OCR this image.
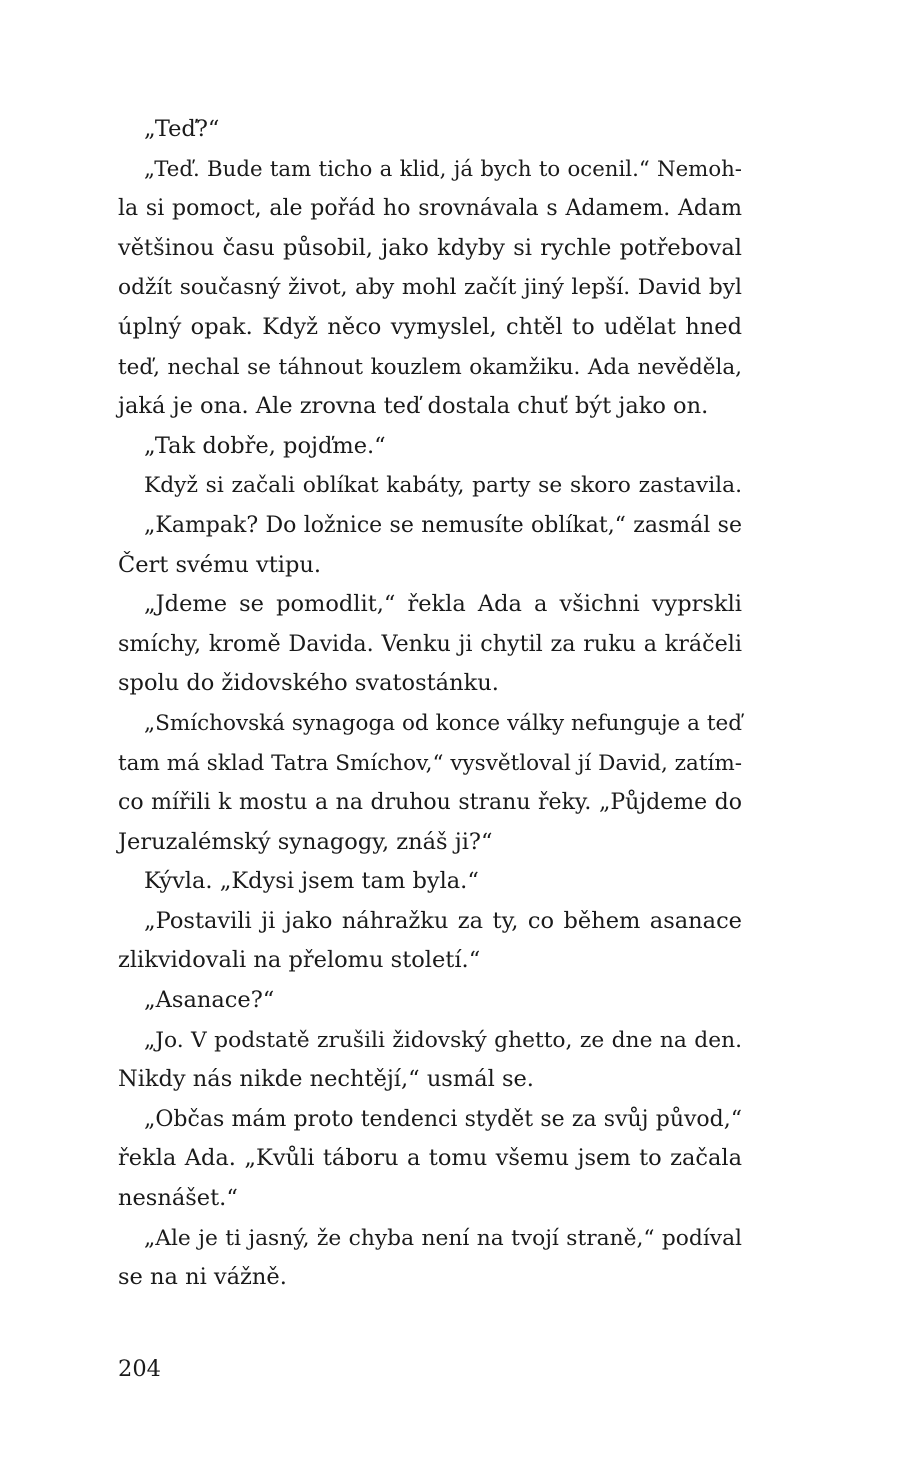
„Teď?“
„Teď. Bude tam ticho a klid, já bych to ocenil.“ Nemoh-
la si pomoct, ale pořád ho srovnávala s Adamem. Adam
většinou času působil, jako kdyby si rychle potřeboval
odžít současný život, aby mohl začít jiný lepší. David byl
úplný opak. Když něco vymyslel, chtěl to udělat hned
teď, nechal se táhnout kouzlem okamžiku. Ada nevěděla,
jaká je ona. Ale zrovna teď dostala chuť být jako on.
„Tak dobře, pojďme.“
Když si začali oblíkat kabáty, party se skoro zastavila.
„Kampak? Do ložnice se nemusíte oblíkat,“ zasmál se
Čert svému vtipu.
„Jdeme se pomodlit,“ řekla Ada a všichni vyprskli
smíchy, kromě Davida. Venku ji chytil za ruku a kráčeli
spolu do židovského svatostánku.
„Smíchovská synagoga od konce války nefunguje a teď
tam má sklad Tatra Smíchov,“ vysvětloval jí David, zatím-
co mířili k mostu a na druhou stranu řeky. „Půjdeme do
Jeruzalémský synagogy, znáš ji?“
Kývla. „Kdysi jsem tam byla.“
„Postavili ji jako náhražku za ty, co během asanace
zlikvidovali na přelomu století.“
„Asanace?“
„Jo. V podstatě zrušili židovský ghetto, ze dne na den.
Nikdy nás nikde nechtějí,“ usmál se.
„Občas mám proto tendenci stydět se za svůj původ,“
řekla Ada. „Kvůli táboru a tomu všemu jsem to začala
nesnášet.“
„Ale je ti jasný, že chyba není na tvojí straně,“ podíval
se na ni vážně.
204
